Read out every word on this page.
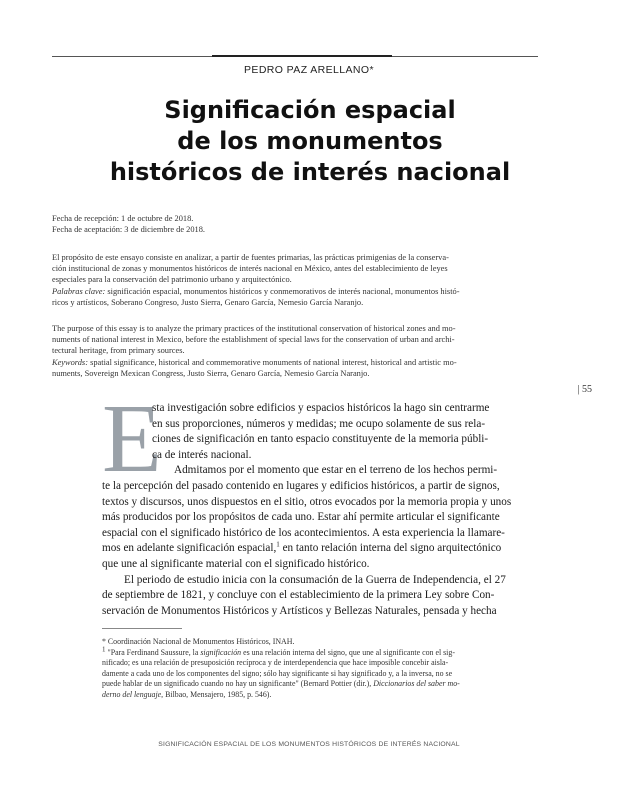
PEDRO PAZ ARELLANO*
Significación espacial
de los monumentos
históricos de interés nacional

Fecha de recepción: 1 de octubre de 2018.

Fecha de aceptación: 3 de diciembre de 2018.

El propósito de este ensayo consiste en analizar, a partir de fuentes primarias, las prácticas primigenias de la conserva-

ción institucional de zonas y monumentos históricos de interés nacional en México, antes del establecimiento de leyes

especiales para la conservación del patrimonio urbano y arquitectónico.

Palabras clave: significación espacial, monumentos históricos y conmemorativos de interés nacional, monumentos histó-

ricos y artísticos, Soberano Congreso, Justo Sierra, Genaro García, Nemesio García Naranjo.

The purpose of this essay is to analyze the primary practices of the institutional conservation of historical zones and mo-

numents of national interest in Mexico, before the establishment of special laws for the conservation of urban and archi-

tectural heritage, from primary sources.

Keywords: spatial significance, historical and commemorative monuments of national interest, historical and artistic mo-

numents, Sovereign Mexican Congress, Justo Sierra, Genaro García, Nemesio García Naranjo.

| 55
E
sta investigación sobre edificios y espacios históricos la hago sin centrarme
en sus proporciones, números y medidas; me ocupo solamente de sus rela-
ciones de significación en tanto espacio constituyente de la memoria públi-
ca de interés nacional.
Admitamos por el momento que estar en el terreno de los hechos permi-
te la percepción del pasado contenido en lugares y edificios históricos, a partir de signos,
textos y discursos, unos dispuestos en el sitio, otros evocados por la memoria propia y unos
más producidos por los propósitos de cada uno. Estar ahí permite articular el significante
espacial con el significado histórico de los acontecimientos. A esta experiencia la llamare-
mos en adelante significación espacial,$^1$ en tanto relación interna del signo arquitectónico
que une al significante material con el significado histórico.
El periodo de estudio inicia con la consumación de la Guerra de Independencia, el 27
de septiembre de 1821, y concluye con el establecimiento de la primera Ley sobre Con-
servación de Monumentos Históricos y Artísticos y Bellezas Naturales, pensada y hecha
* Coordinación Nacional de Monumentos Históricos, INAH.
$^1$ "Para Ferdinand Saussure, la significación es una relación interna del signo, que une al significante con el sig-
nificado; es una relación de presuposición recíproca y de interdependencia que hace imposible concebir aisla-
damente a cada uno de los componentes del signo; sólo hay significante si hay significado y, a la inversa, no se
puede hablar de un significado cuando no hay un significante" (Bernard Pottier (dir.), Diccionarios del saber mo-
derno del lenguaje, Bilbao, Mensajero, 1985, p. 546).
SIGNIFICACIÓN ESPACIAL DE LOS MONUMENTOS HISTÓRICOS DE INTERÉS NACIONAL
